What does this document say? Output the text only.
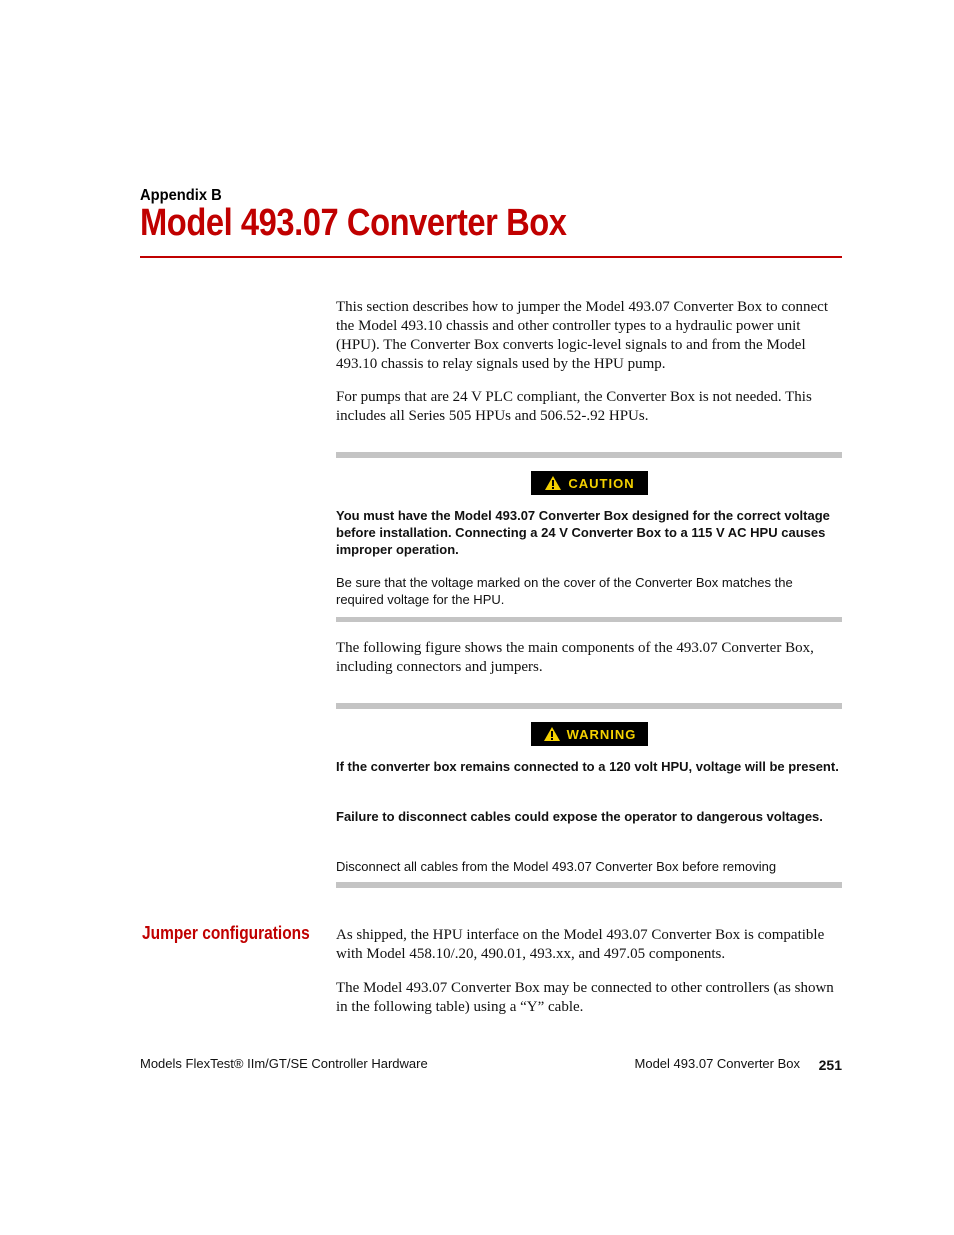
Appendix B
Model 493.07 Converter Box

This section describes how to jumper the Model 493.07 Converter Box to connect the Model 493.10 chassis and other controller types to a hydraulic power unit (HPU). The Converter Box converts logic-level signals to and from the Model 493.10 chassis to relay signals used by the HPU pump.

For pumps that are 24 V PLC compliant, the Converter Box is not needed. This includes all Series 505 HPUs and 506.52-.92 HPUs.

CAUTION

You must have the Model 493.07 Converter Box designed for the correct voltage before installation. Connecting a 24 V Converter Box to a 115 V AC HPU causes improper operation.

Be sure that the voltage marked on the cover of the Converter Box matches the required voltage for the HPU.

The following figure shows the main components of the 493.07 Converter Box, including connectors and jumpers.

WARNING

If the converter box remains connected to a 120 volt HPU, voltage will be present.

Failure to disconnect cables could expose the operator to dangerous voltages.

Disconnect all cables from the Model 493.07 Converter Box before removing

Jumper configurations As shipped, the HPU interface on the Model 493.07 Converter Box is compatible with Model 458.10/.20, 490.01, 493.xx, and 497.05 components.

The Model 493.07 Converter Box may be connected to other controllers (as shown in the following table) using a “Y” cable.

Models FlexTest® IIm/GT/SE Controller Hardware	Model 493.07 Converter Box 251
